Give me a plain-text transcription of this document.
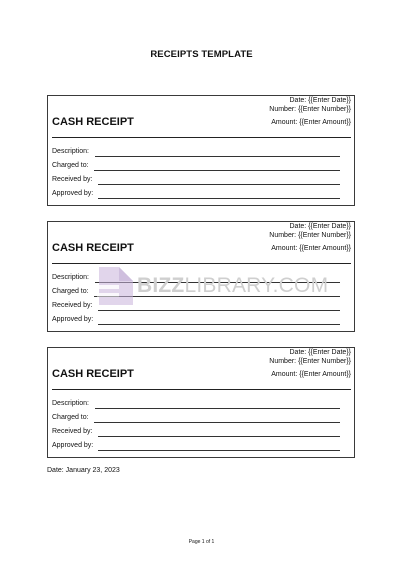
RECEIPTS TEMPLATE
Date: {{Enter Date}}
Number: {{Enter Number}}
CASH RECEIPT	Amount: {{Enter Amount}}
Description:
Charged to:
Received by:
Approved by:
Date: {{Enter Date}}
Number: {{Enter Number}}
CASH RECEIPT	Amount: {{Enter Amount}}
Description:
Charged to:
Received by:
Approved by:
BIZZLIBRARY.COM
Date: {{Enter Date}}
Number: {{Enter Number}}
CASH RECEIPT	Amount: {{Enter Amount}}
Description:
Charged to:
Received by:
Approved by:
Date: January 23, 2023
Page 1 of 1
